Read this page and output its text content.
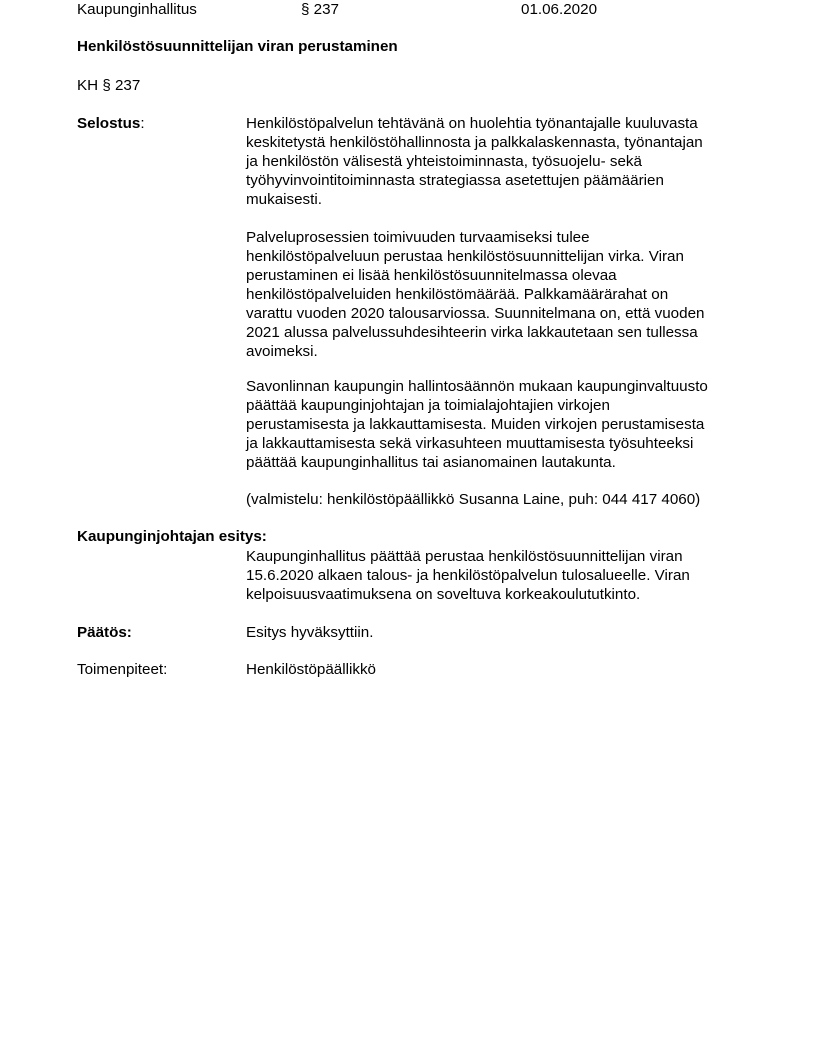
Kaupunginhallitus	§ 237	01.06.2020
Henkilöstösuunnittelijan viran perustaminen
KH § 237
Selostus:	Henkilöstöpalvelun tehtävänä on huolehtia työnantajalle kuuluvasta
keskitetystä henkilöstöhallinnosta ja palkkalaskennasta, työnantajan
ja henkilöstön välisestä yhteistoiminnasta, työsuojelu- sekä
työhyvinvointitoiminnasta strategiassa asetettujen päämäärien
mukaisesti.
Palveluprosessien toimivuuden turvaamiseksi tulee
henkilöstöpalveluun perustaa henkilöstösuunnittelijan virka. Viran
perustaminen ei lisää henkilöstösuunnitelmassa olevaa
henkilöstöpalveluiden henkilöstömäärää. Palkkamäärärahat on
varattu vuoden 2020 talousarviossa. Suunnitelmana on, että vuoden
2021 alussa palvelussuhdesihteerin virka lakkautetaan sen tullessa
avoimeksi.
Savonlinnan kaupungin hallintosäännön mukaan kaupunginvaltuusto
päättää kaupunginjohtajan ja toimialajohtajien virkojen
perustamisesta ja lakkauttamisesta. Muiden virkojen perustamisesta
ja lakkauttamisesta sekä virkasuhteen muuttamisesta työsuhteeksi
päättää kaupunginhallitus tai asianomainen lautakunta.
(valmistelu: henkilöstöpäällikkö Susanna Laine, puh: 044 417 4060)
Kaupunginjohtajan esitys:
Kaupunginhallitus päättää perustaa henkilöstösuunnittelijan viran
15.6.2020 alkaen talous- ja henkilöstöpalvelun tulosalueelle. Viran
kelpoisuusvaatimuksena on soveltuva korkeakoulututkinto.
Päätös:	Esitys hyväksyttiin.
Toimenpiteet:	Henkilöstöpäällikkö
